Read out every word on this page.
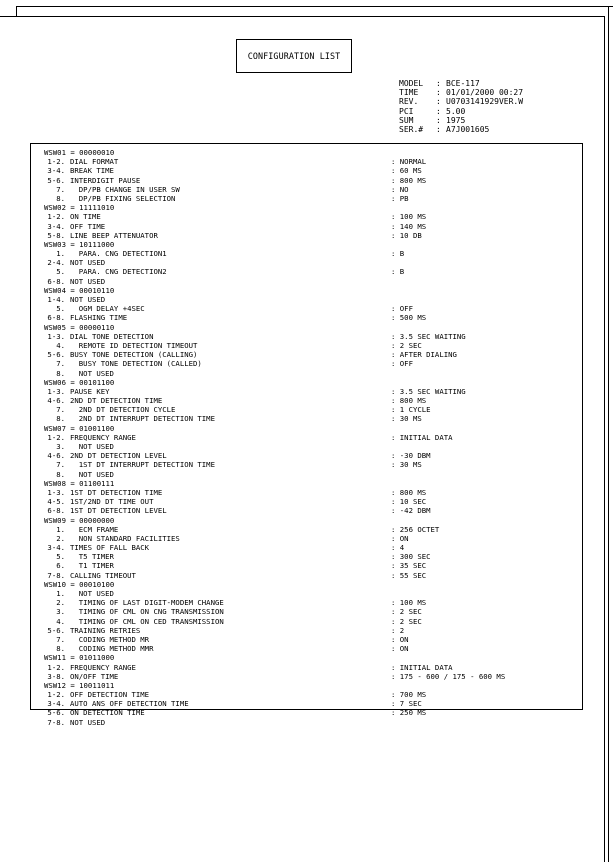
CONFIGURATION LIST
MODEL	: BCE-117
TIME	: 01/01/2000 00:27
REV.	: U0703141929VER.W
PCI	: 5.00
SUM	: 1975
SER.#	: A7J001605
WSW01 = 00000010
1-2. DIAL FORMAT	: NORMAL
3-4. BREAK TIME	: 60 MS
5-6. INTERDIGIT PAUSE	: 800 MS
7. DP/PB CHANGE IN USER SW	: NO
8. DP/PB FIXING SELECTION	: PB
WSW02 = 11111010
1-2. ON TIME	: 100 MS
3-4. OFF TIME	: 140 MS
5-8. LINE BEEP ATTENUATOR	: 10 DB
WSW03 = 10111000
1. PARA. CNG DETECTION1	: B
2-4. NOT USED
5. PARA. CNG DETECTION2	: B
6-8. NOT USED
WSW04 = 00010110
1-4. NOT USED
5. OGM DELAY +4SEC	: OFF
6-8. FLASHING TIME	: 500 MS
WSW05 = 00000110
1-3. DIAL TONE DETECTION	: 3.5 SEC WAITING
4. REMOTE ID DETECTION TIMEOUT	: 2 SEC
5-6. BUSY TONE DETECTION (CALLING)	: AFTER DIALING
7. BUSY TONE DETECTION (CALLED)	: OFF
8. NOT USED
WSW06 = 00101100
1-3. PAUSE KEY	: 3.5 SEC WAITING
4-6. 2ND DT DETECTION TIME	: 800 MS
7. 2ND DT DETECTION CYCLE	: 1 CYCLE
8. 2ND DT INTERRUPT DETECTION TIME	: 30 MS
WSW07 = 01001100
1-2. FREQUENCY RANGE	: INITIAL DATA
3. NOT USED
4-6. 2ND DT DETECTION LEVEL	: -30 DBM
7. 1ST DT INTERRUPT DETECTION TIME	: 30 MS
8. NOT USED
WSW08 = 01100111
1-3. 1ST DT DETECTION TIME	: 800 MS
4-5. 1ST/2ND DT TIME OUT	: 10 SEC
6-8. 1ST DT DETECTION LEVEL	: -42 DBM
WSW09 = 00000000
1. ECM FRAME	: 256 OCTET
2. NON STANDARD FACILITIES	: ON
3-4. TIMES OF FALL BACK	: 4
5. T5 TIMER	: 300 SEC
6. T1 TIMER	: 35 SEC
7-8. CALLING TIMEOUT	: 55 SEC
WSW10 = 00010100
1. NOT USED
2. TIMING OF LAST DIGIT-MODEM CHANGE	: 100 MS
3. TIMING OF CML ON CNG TRANSMISSION	: 2 SEC
4. TIMING OF CML ON CED TRANSMISSION	: 2 SEC
5-6. TRAINING RETRIES	: 2
7. CODING METHOD MR	: ON
8. CODING METHOD MMR	: ON
WSW11 = 01011000
1-2. FREQUENCY RANGE	: INITIAL DATA
3-8. ON/OFF TIME	: 175 - 600 / 175 - 600 MS
WSW12 = 10011011
1-2. OFF DETECTION TIME	: 700 MS
3-4. AUTO ANS OFF DETECTION TIME	: 7 SEC
5-6. ON DETECTION TIME	: 250 MS
7-8. NOT USED
